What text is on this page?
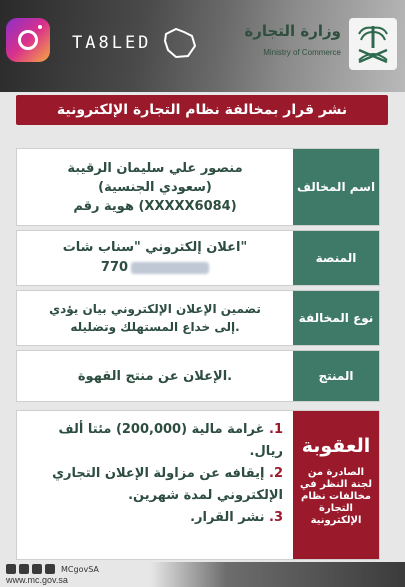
TA8LED
وزارة التجارة
Ministry of Commerce
نشر قرار بمخالفة نظام التجارة الإلكترونية
اسم المخالف
منصور علي سليمان الرقيبة
(سعودي الجنسية)
هوية رقم (XXXXX6084)
المنصة
اعلان إلكتروني "سناب شات"
770
نوع المخالفة
تضمين الإعلان الإلكتروني بيان يؤدي
إلى خداع المستهلك وتضليله.
المنتج
الإعلان عن منتج القهوة.
العقوبة
الصادرة من لجنة النظر في مخالفات نظام التجارة الإلكترونية
1. غرامة مالية (200,000) مئتا ألف ريال.
2. إيقافه عن مزاولة الإعلان التجاري الإلكتروني لمدة شهرين.
3. نشر القرار.
MCgovSA
www.mc.gov.sa
